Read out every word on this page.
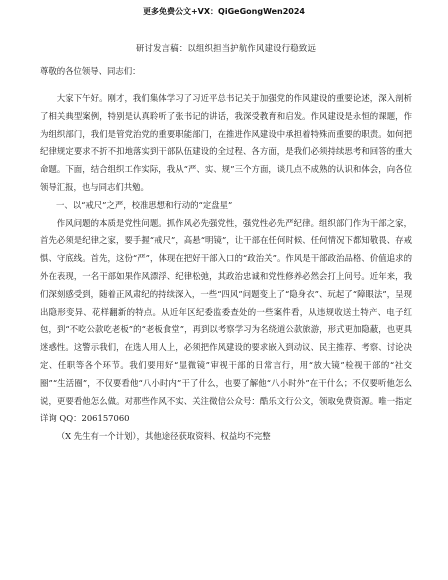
更多免费公文+VX：QiGeGongWen2024

研讨发言稿：以组织担当护航作风建设行稳致远

尊敬的各位领导、同志们：

大家下午好。刚才，我们集体学习了习近平总书记关于加强党的作风建设的重要论述，深入剖析了相关典型案例，特别是认真聆听了张书记的讲话，我深受教育和启发。作风建设是永恒的课题，作为组织部门，我们是管党治党的重要职能部门，在推进作风建设中承担着特殊而重要的职责。如何把纪律规定要求不折不扣地落实到干部队伍建设的全过程、各方面，是我们必须持续思考和回答的重大命题。下面，结合组织工作实际，我从“严、实、规”三个方面，谈几点不成熟的认识和体会，向各位领导汇报，也与同志们共勉。

一、以“戒尺”之严，校准思想和行动的“定盘星”

作风问题的本质是党性问题。抓作风必先强党性，强党性必先严纪律。组织部门作为干部之家，首先必须是纪律之家，要手握“戒尺”，高悬“明镜”，让干部在任何时候、任何情况下都知敬畏、存戒惧、守底线。首先，这份“严”，体现在把好干部入口的“政治关”。作风是干部政治品格、价值追求的外在表现，一名干部如果作风漂浮、纪律松弛，其政治忠诚和党性修养必然会打上问号。近年来，我们深刻感受到，随着正风肃纪的持续深入，一些“四风”问题变上了“隐身衣”、玩起了“障眼法”，呈现出隐形变异、花样翻新的特点。从近年区纪委监委查处的一些案件看，从违规收送土特产、电子红包，到“不吃公款吃老板”的“老板食堂”，再到以考察学习为名绕道公款旅游，形式更加隐蔽，也更具迷惑性。这警示我们，在选人用人上，必须把作风建设的要求嵌入到动议、民主推荐、考察、讨论决定、任职等各个环节。我们要用好“显微镜”审视干部的日常言行，用“放大镜”检视干部的“社交圈”“生活圈”，不仅要看他“八小时内”干了什么，也要了解他“八小时外”在干什么；不仅要听他怎么说，更要看他怎么做。对那些作风不实、关注微信公众号：酷乐文行公文，领取免费资源。唯一指定详询 QQ：206157060

（X 先生有一个计划），其他途径获取资料、权益均不完整
